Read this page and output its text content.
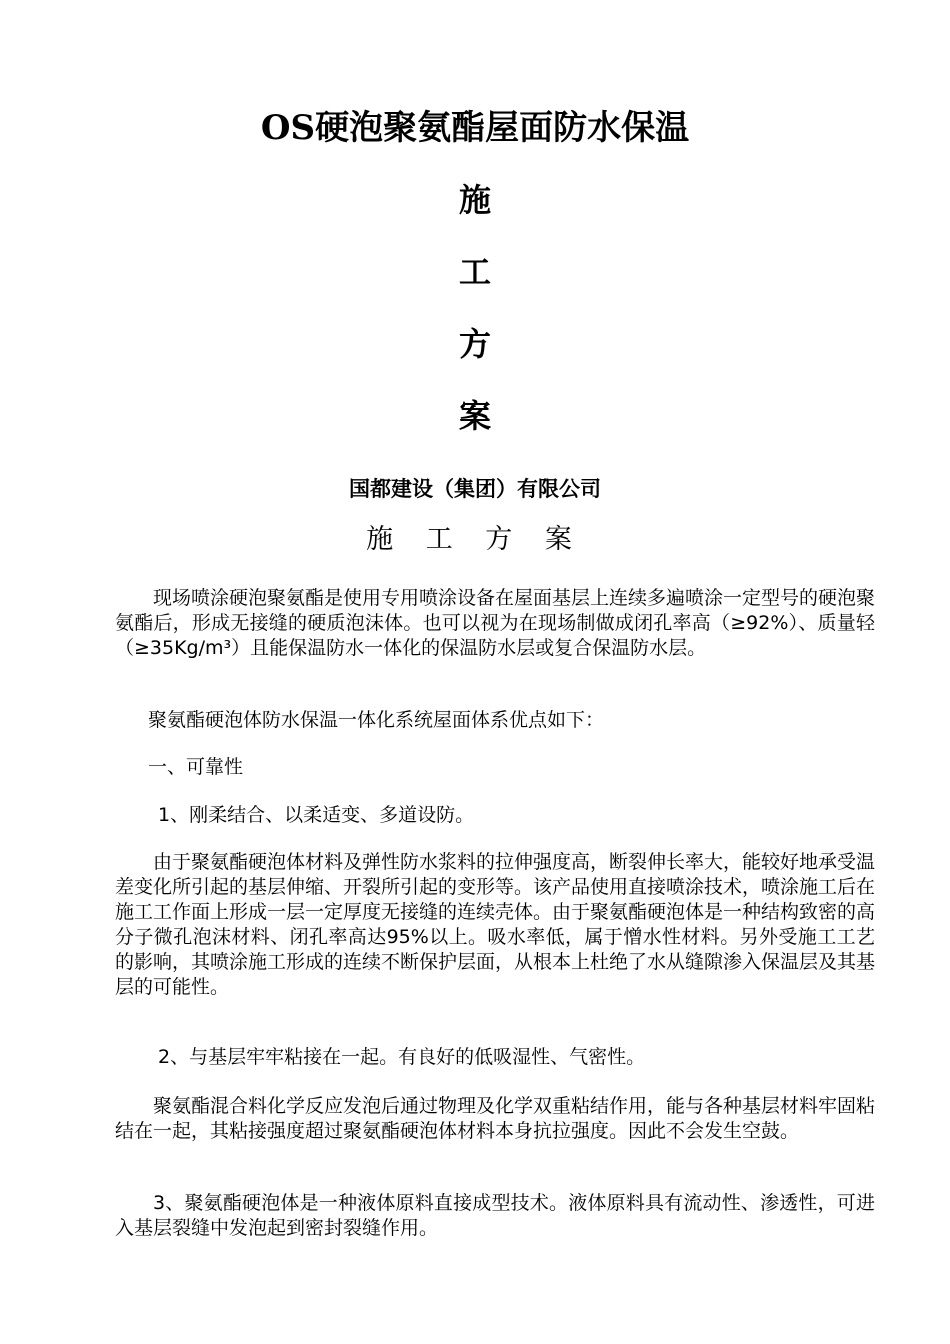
OS硬泡聚氨酯屋面防水保温
施
工
方
案
国都建设（集团）有限公司
施 工 方 案
现场喷涂硬泡聚氨酯是使用专用喷涂设备在屋面基层上连续多遍喷涂一定型号的硬泡聚氨酯后，形成无接缝的硬质泡沫体。也可以视为在现场制做成闭孔率高（≥92%）、质量轻（≥35Kg/m³）且能保温防水一体化的保温防水层或复合保温防水层。
聚氨酯硬泡体防水保温一体化系统屋面体系优点如下：
一、可靠性
1、刚柔结合、以柔适变、多道设防。
由于聚氨酯硬泡体材料及弹性防水浆料的拉伸强度高，断裂伸长率大，能较好地承受温差变化所引起的基层伸缩、开裂所引起的变形等。该产品使用直接喷涂技术，喷涂施工后在施工工作面上形成一层一定厚度无接缝的连续壳体。由于聚氨酯硬泡体是一种结构致密的高分子微孔泡沫材料、闭孔率高达95%以上。吸水率低，属于憎水性材料。另外受施工工艺的影响，其喷涂施工形成的连续不断保护层面，从根本上杜绝了水从缝隙渗入保温层及其基层的可能性。
2、与基层牢牢粘接在一起。有良好的低吸湿性、气密性。
聚氨酯混合料化学反应发泡后通过物理及化学双重粘结作用，能与各种基层材料牢固粘结在一起，其粘接强度超过聚氨酯硬泡体材料本身抗拉强度。因此不会发生空鼓。
3、聚氨酯硬泡体是一种液体原料直接成型技术。液体原料具有流动性、渗透性，可进入基层裂缝中发泡起到密封裂缝作用。
